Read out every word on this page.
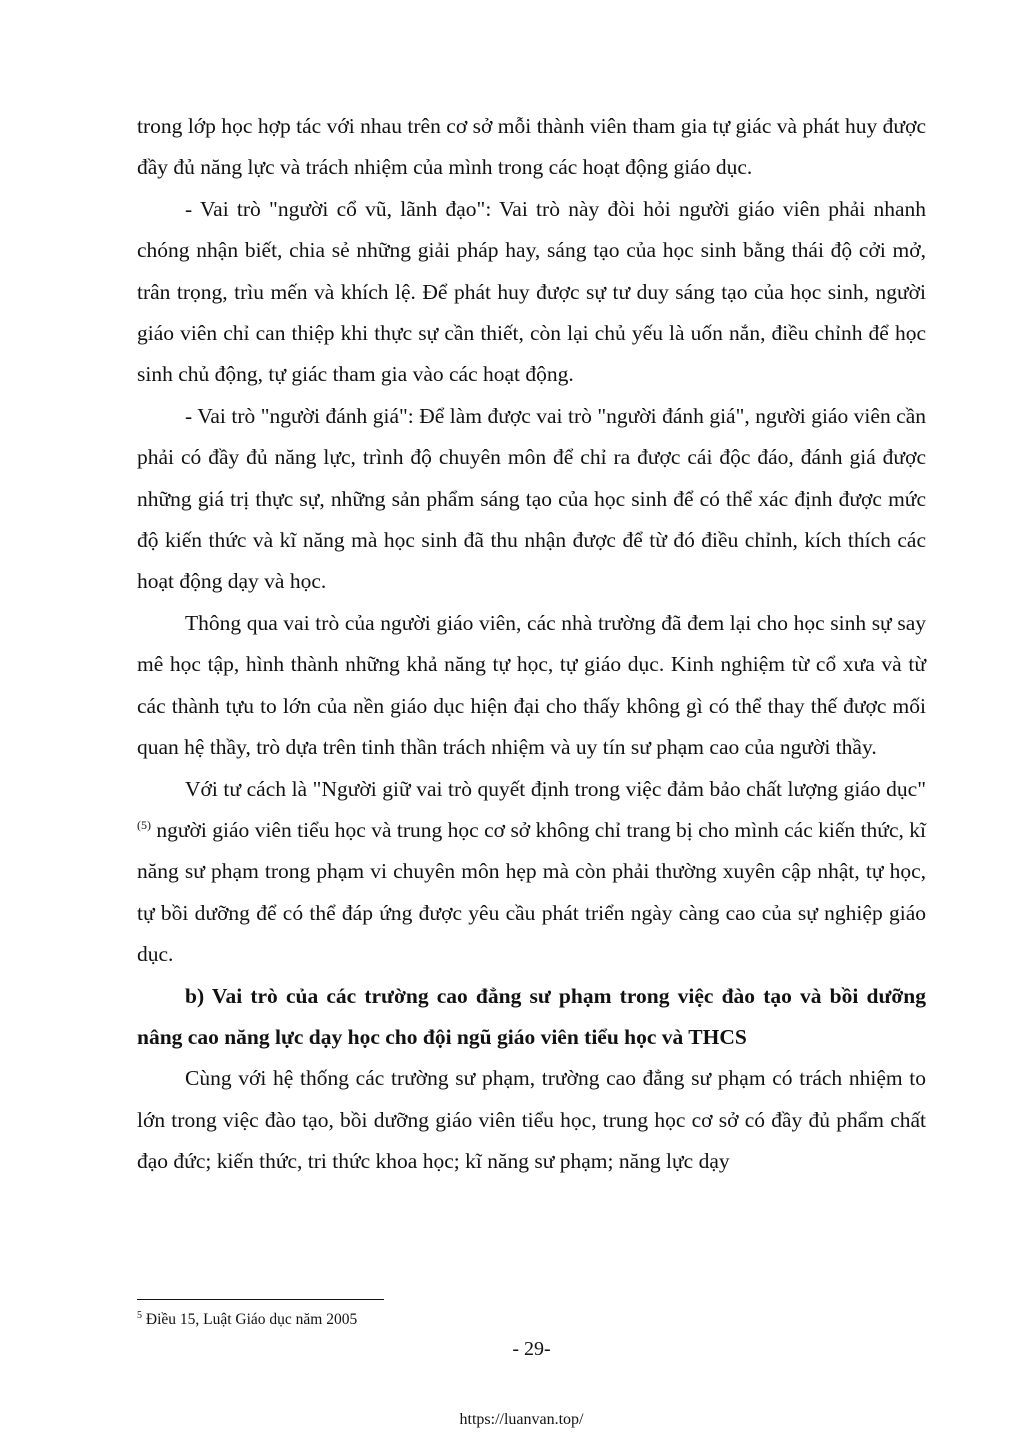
trong lớp học hợp tác với nhau trên cơ sở mỗi thành viên tham gia tự giác và phát huy được đầy đủ năng lực và trách nhiệm của mình trong các hoạt động giáo dục.

- Vai trò "người cổ vũ, lãnh đạo": Vai trò này đòi hỏi người giáo viên phải nhanh chóng nhận biết, chia sẻ những giải pháp hay, sáng tạo của học sinh bằng thái độ cởi mở, trân trọng, trìu mến và khích lệ. Để phát huy được sự tư duy sáng tạo của học sinh, người giáo viên chỉ can thiệp khi thực sự cần thiết, còn lại chủ yếu là uốn nắn, điều chỉnh để học sinh chủ động, tự giác tham gia vào các hoạt động.

- Vai trò "người đánh giá": Để làm được vai trò "người đánh giá", người giáo viên cần phải có đầy đủ năng lực, trình độ chuyên môn để chỉ ra được cái độc đáo, đánh giá được những giá trị thực sự, những sản phẩm sáng tạo của học sinh để có thể xác định được mức độ kiến thức và kĩ năng mà học sinh đã thu nhận được để từ đó điều chỉnh, kích thích các hoạt động dạy và học.

Thông qua vai trò của người giáo viên, các nhà trường đã đem lại cho học sinh sự say mê học tập, hình thành những khả năng tự học, tự giáo dục. Kinh nghiệm từ cổ xưa và từ các thành tựu to lớn của nền giáo dục hiện đại cho thấy không gì có thể thay thế được mối quan hệ thầy, trò dựa trên tinh thần trách nhiệm và uy tín sư phạm cao của người thầy.

Với tư cách là "Người giữ vai trò quyết định trong việc đảm bảo chất lượng giáo dục" $^{(5)}$ người giáo viên tiểu học và trung học cơ sở không chỉ trang bị cho mình các kiến thức, kĩ năng sư phạm trong phạm vi chuyên môn hẹp mà còn phải thường xuyên cập nhật, tự học, tự bồi dưỡng để có thể đáp ứng được yêu cầu phát triển ngày càng cao của sự nghiệp giáo dục.

b) Vai trò của các trường cao đẳng sư phạm trong việc đào tạo và bồi dưỡng nâng cao năng lực dạy học cho đội ngũ giáo viên tiểu học và THCS

Cùng với hệ thống các trường sư phạm, trường cao đẳng sư phạm có trách nhiệm to lớn trong việc đào tạo, bồi dưỡng giáo viên tiểu học, trung học cơ sở có đầy đủ phẩm chất đạo đức; kiến thức, tri thức khoa học; kĩ năng sư phạm; năng lực dạy

$^5$ Điều 15, Luật Giáo dục năm 2005
- 29-
https://luanvan.top/
